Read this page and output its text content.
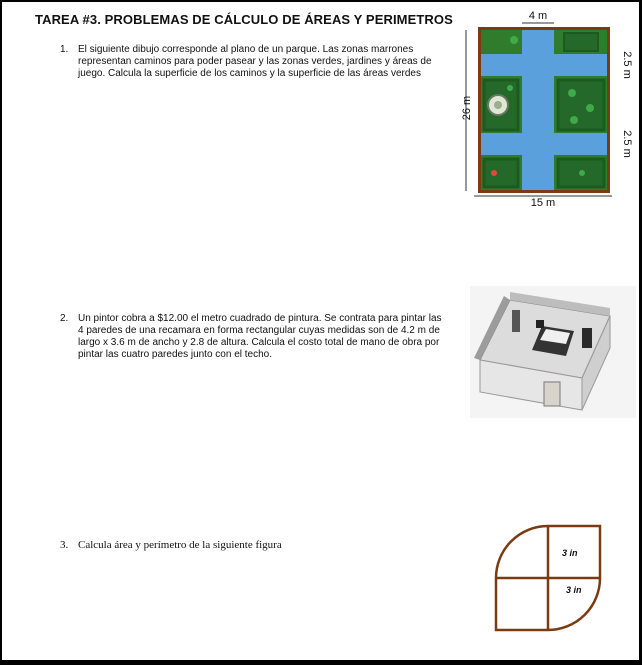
TAREA #3. PROBLEMAS DE CÁLCULO DE ÁREAS Y PERIMETROS
1. El siguiente dibujo corresponde al plano de un parque. Las zonas marrones
representan caminos para poder pasear y las zonas verdes, jardines y áreas de
juego. Calcula la superficie de los caminos y la superficie de las áreas verdes
4 m
26 m
15 m
2.5 m
2.5 m
2. Un pintor cobra a $12.00 el metro cuadrado de pintura. Se contrata para pintar las
4 paredes de una recamara en forma rectangular cuyas medidas son de 4.2 m de
largo x 3.6 m de ancho y 2.8 de altura. Calcula el costo total de mano de obra por
pintar las cuatro paredes junto con el techo.
3. Calcula área y perímetro de la siguiente figura
3 in
3 in
